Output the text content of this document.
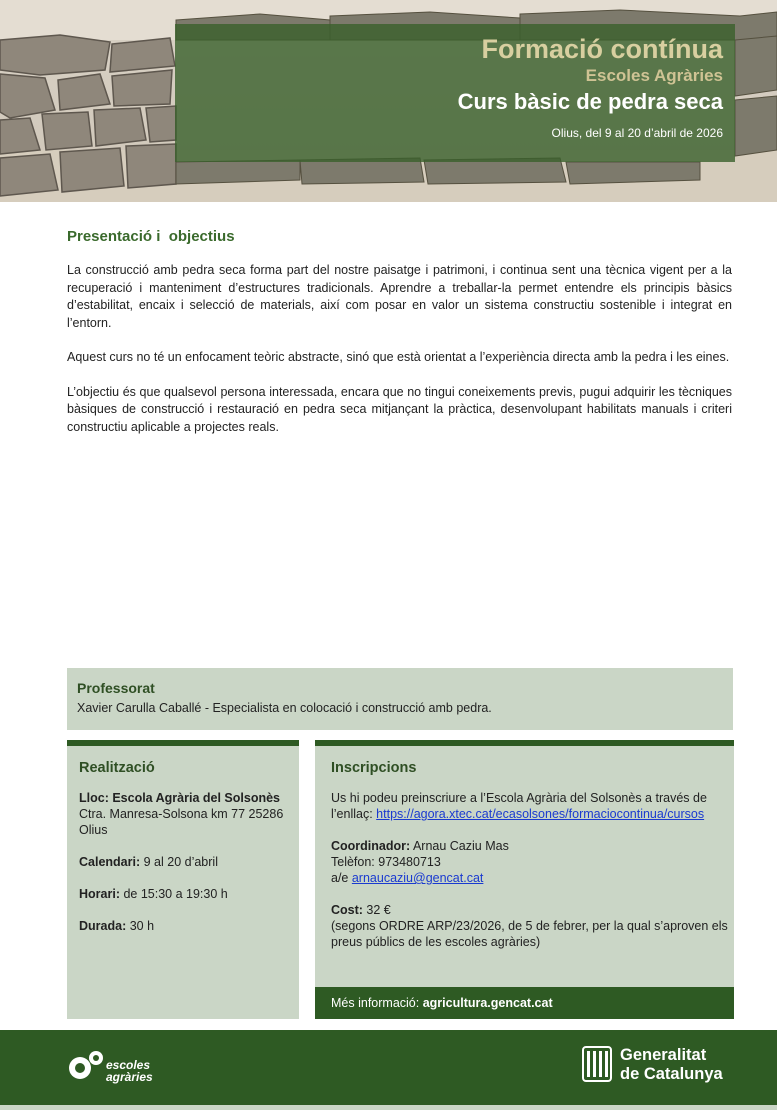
Formació contínua
Escoles Agràries
Curs bàsic de pedra seca
Olius, del 9 al 20 d’abril de 2026
Presentació i  objectius

La construcció amb pedra seca forma part del nostre paisatge i patrimoni, i continua sent una tècnica vigent per a la recuperació i manteniment d’estructures tradicionals. Aprendre a treballar-la permet entendre els principis bàsics d’estabilitat, encaix i selecció de materials, així com posar en valor un sistema constructiu sostenible i integrat en l’entorn.

Aquest curs no té un enfocament teòric abstracte, sinó que està orientat a l’experiència directa amb la pedra i les eines.

L’objectiu és que qualsevol persona interessada, encara que no tingui coneixements previs, pugui adquirir les tècniques bàsiques de construcció i restauració en pedra seca mitjançant la pràctica, desenvolupant habilitats manuals i criteri constructiu aplicable a projectes reals.

Professorat
Xavier Carulla Caballé - Especialista en colocació i construcció amb pedra.
Realització
Lloc: Escola Agrària del Solsonès
Ctra. Manresa-Solsona km 77 25286 Olius
Calendari: 9 al 20 d’abril
Horari: de 15:30 a 19:30 h
Durada: 30 h
Inscripcions
Us hi podeu preinscriure a l’Escola Agrària del Solsonès a través de l’enllaç: https://agora.xtec.cat/ecasolsones/formaciocontinua/cursos
Coordinador: Arnau Caziu Mas
Telèfon: 973480713
a/e arnaucaziu@gencat.cat
Cost: 32 €
(segons ORDRE ARP/23/2026, de 5 de febrer, per la qual s’aproven els preus públics de les escoles agràries)
Més informació: agricultura.gencat.cat
escoles
agràries
Generalitat
de Catalunya
